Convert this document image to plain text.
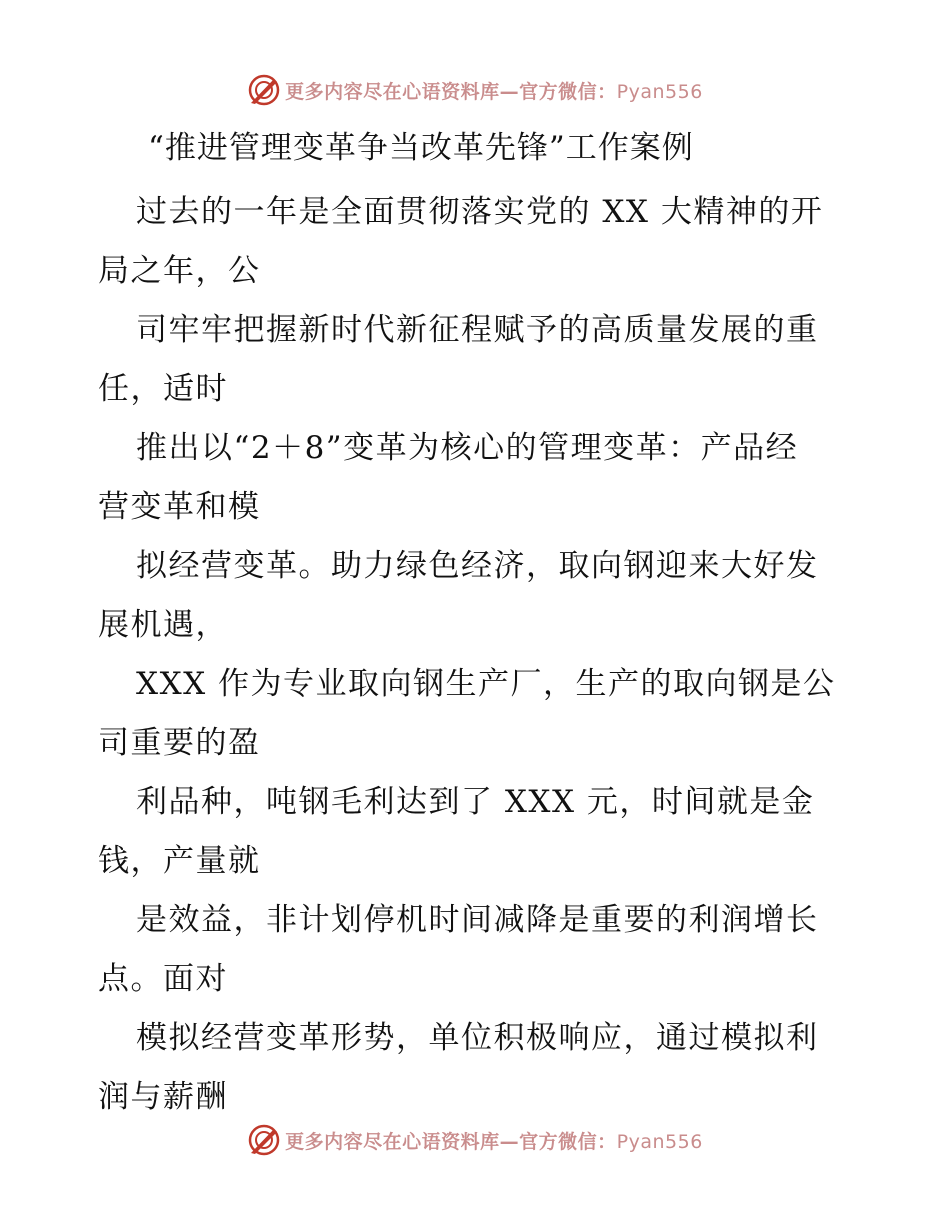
更多内容尽在心语资料库—官方微信：Pyan556
“推进管理变革争当改革先锋”工作案例

过去的一年是全面贯彻落实党的 XX 大精神的开
局之年，公

司牢牢把握新时代新征程赋予的高质量发展的重
任，适时

推出以“2＋8”变革为核心的管理变革：产品经
营变革和模

拟经营变革。助力绿色经济，取向钢迎来大好发
展机遇，

XXX 作为专业取向钢生产厂，生产的取向钢是公
司重要的盈

利品种，吨钢毛利达到了 XXX 元，时间就是金
钱，产量就

是效益，非计划停机时间减降是重要的利润增长
点。面对

模拟经营变革形势，单位积极响应，通过模拟利
润与薪酬

更多内容尽在心语资料库—官方微信：Pyan556
